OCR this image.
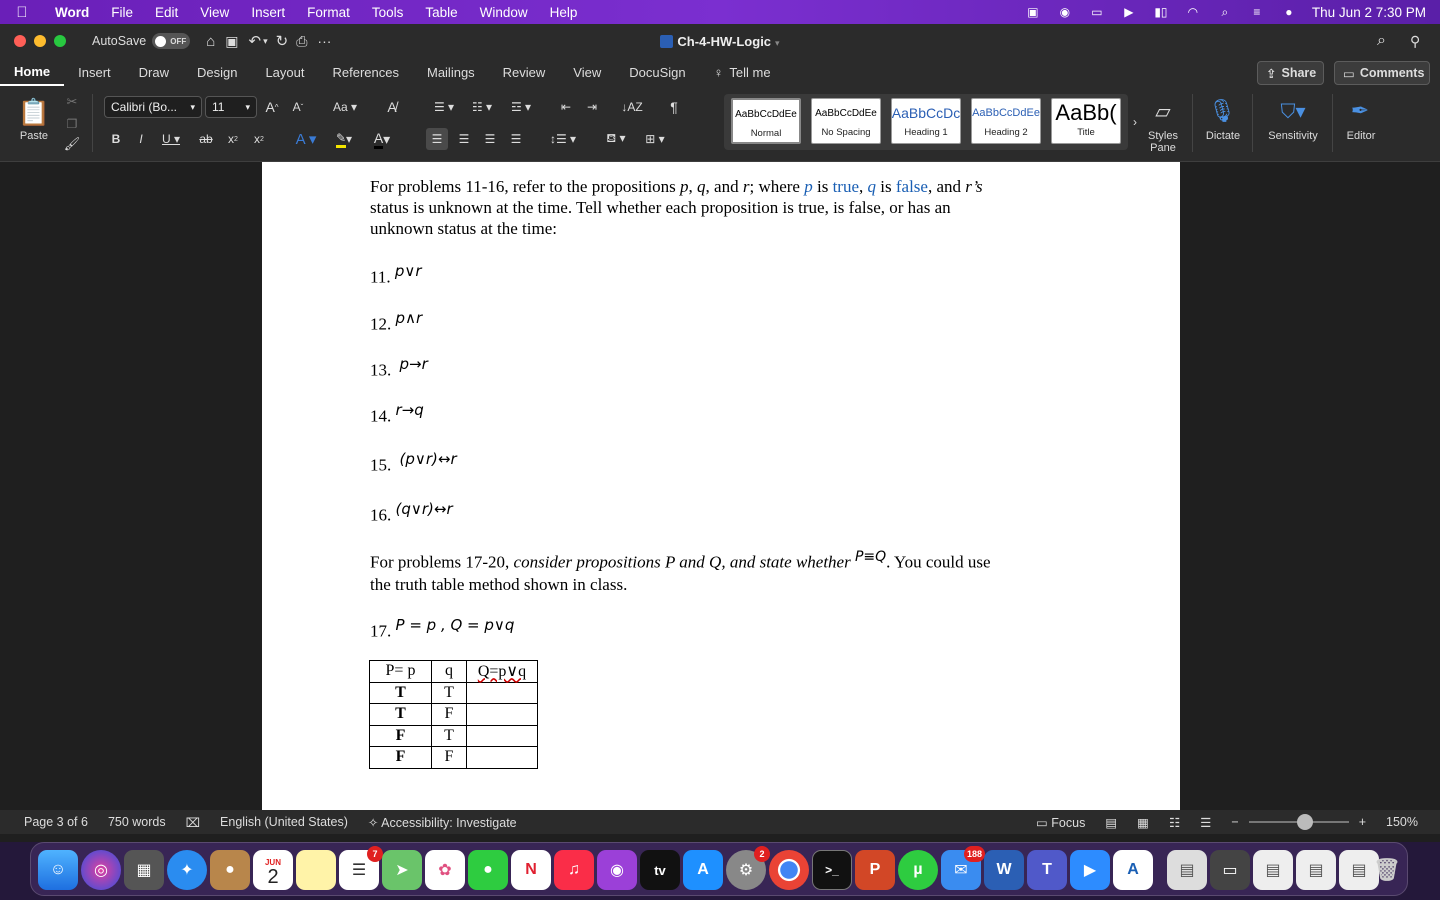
Word	File	Edit	View	Insert	Format	Tools	Table	Window	Help	▣	◉	▭	▶	▮▯	◠	⌕	≡	●	Thu Jun 2 7:30 PM
AutoSave	OFF ⌂ ▣ ↶ ▾ ↻ ⎙ ···	Ch-4-HW-Logic ▾	⌕ ⚲
Home	Insert	Draw	Design	Layout	References	Mailings	Review	View	DocuSign	♀ Tell me	⇪ Share ▭ Comments
📋
Paste
✂
❐
🖌
Calibri (Bo... ▾ 11 ▾ A ^	A ˇ	Aa ▾	A̸
B	I	U ▾	ab	x 2	x 2	A ▾	✎ ▾	A ▾
☰ ▾	☷ ▾	☲ ▾	⇤	⇥	↓AZ	¶
☰	☰	☰	☰	↕☰ ▾	⛾ ▾	⊞ ▾
AaBbCcDdEe
Normal
AaBbCcDdEe
No Spacing
AaBbCcDc
Heading 1
AaBbCcDdEe
Heading 2
AaBb(
Title
› ▱
Styles
Pane
🎙
Dictate
⛉▾
Sensitivity
✒
Editor
For problems 11-16, refer to the propositions p, q, and r; where p is true, q is false, and r’s
status is unknown at the time. Tell whether each proposition is true, is false, or has an
unknown status at the time:
11. $^{p\vee r}$
12. $^{p\wedge r}$
13. $^{p\to r}$
14. $^{r\to q}$
15. $^{(p\vee r)\leftrightarrow r}$
16. $^{(q\vee r)\leftrightarrow r}$
For problems 17-20, consider propositions P and Q, and state whether $^{P\equiv Q}$. You could use
the truth table method shown in class.
17. $^{P = p , Q = p\vee q}$
P= p	q	Q=p∨q
T	T	
T	F	
F	T	
F	F	
Page 3 of 6	750 words	⌧	English (United States)	✧ Accessibility: Investigate	▭ Focus	▤	▦	☷	☰	−	+	150%
☺	◎	▦	✦	●	JUN
2	☰
7
➤	✿	●	N	♫	◉	tv	A	⚙
2
>_	P	µ	✉
188
W	T	▶	A	▤	▭	▤	▤	▤ 🗑
